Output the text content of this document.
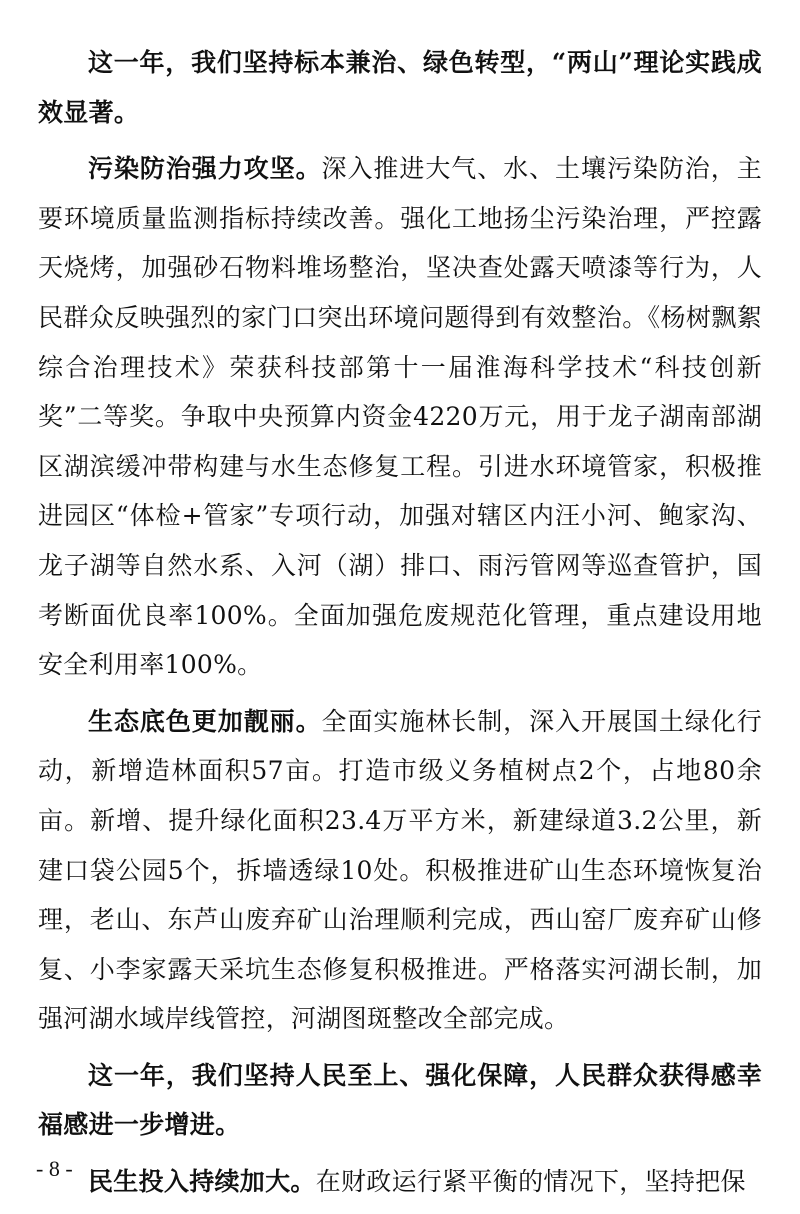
这一年，我们坚持标本兼治、绿色转型，“两山”理论实践成效显著。

污染防治强力攻坚。深入推进大气、水、土壤污染防治，主要环境质量监测指标持续改善。强化工地扬尘污染治理，严控露天烧烤，加强砂石物料堆场整治，坚决查处露天喷漆等行为，人民群众反映强烈的家门口突出环境问题得到有效整治。《杨树飘絮综合治理技术》荣获科技部第十一届淮海科学技术“科技创新奖”二等奖。争取中央预算内资金4220万元，用于龙子湖南部湖区湖滨缓冲带构建与水生态修复工程。引进水环境管家，积极推进园区“体检+管家”专项行动，加强对辖区内汪小河、鲍家沟、龙子湖等自然水系、入河（湖）排口、雨污管网等巡查管护，国考断面优良率100%。全面加强危废规范化管理，重点建设用地安全利用率100%。

生态底色更加靓丽。全面实施林长制，深入开展国土绿化行动，新增造林面积57亩。打造市级义务植树点2个，占地80余亩。新增、提升绿化面积23.4万平方米，新建绿道3.2公里，新建口袋公园5个，拆墙透绿10处。积极推进矿山生态环境恢复治理，老山、东芦山废弃矿山治理顺利完成，西山窑厂废弃矿山修复、小李家露天采坑生态修复积极推进。严格落实河湖长制，加强河湖水域岸线管控，河湖图斑整改全部完成。

这一年，我们坚持人民至上、强化保障，人民群众获得感幸福感进一步增进。

民生投入持续加大。在财政运行紧平衡的情况下，坚持把保

- 8 -
